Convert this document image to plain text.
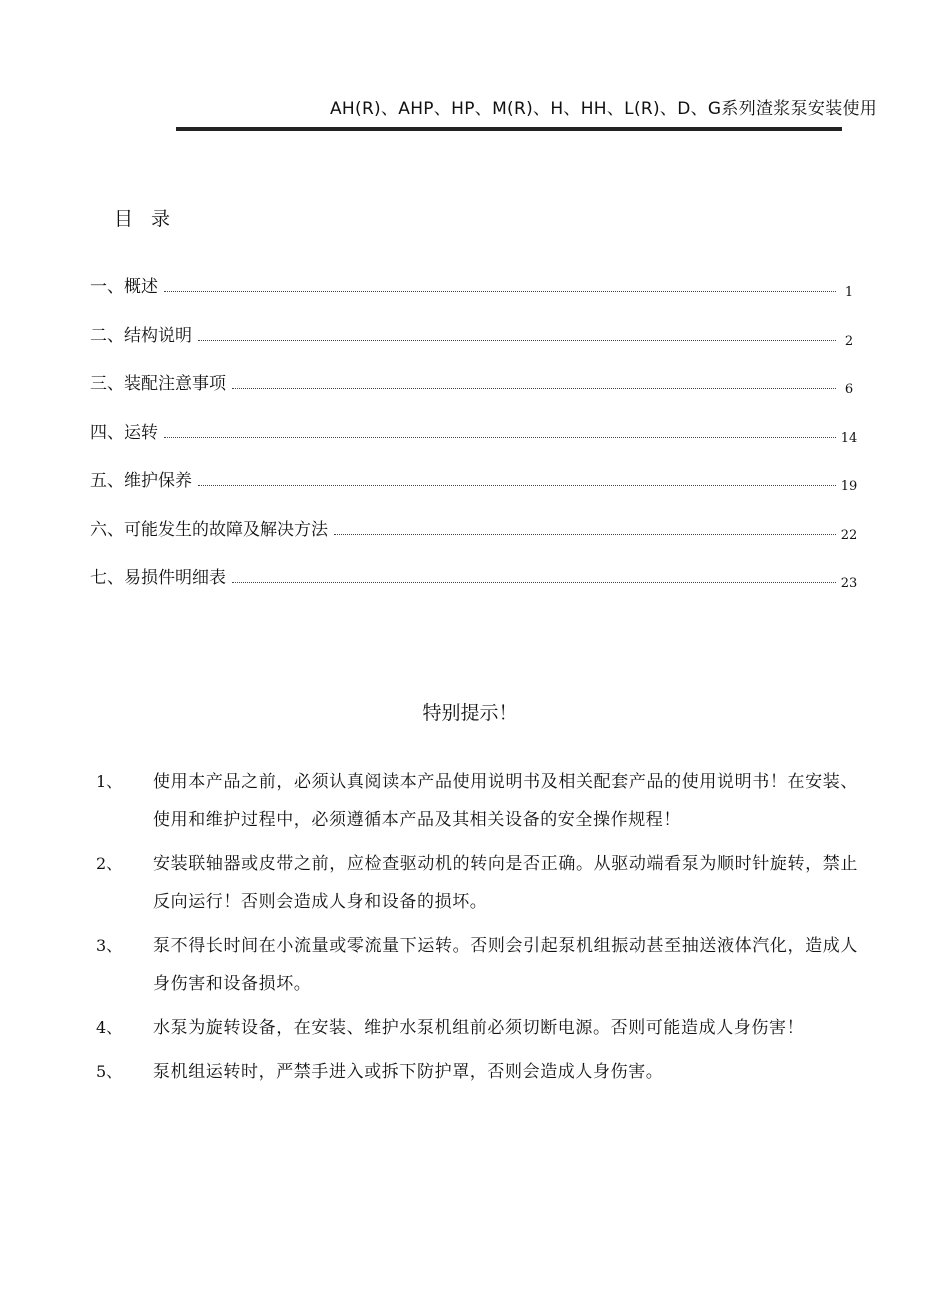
AH(R)、AHP、HP、M(R)、H、HH、L(R)、D、G系列渣浆泵安装使用
目 录
一、概述	1
二、结构说明	2
三、装配注意事项	6
四、运转	14
五、维护保养	19
六、可能发生的故障及解决方法	22
七、易损件明细表	23
特别提示！
1、 使用本产品之前，必须认真阅读本产品使用说明书及相关配套产品的使用说明书！在安装、使用和维护过程中，必须遵循本产品及其相关设备的安全操作规程！
2、 安装联轴器或皮带之前，应检查驱动机的转向是否正确。从驱动端看泵为顺时针旋转，禁止反向运行！否则会造成人身和设备的损坏。
3、 泵不得长时间在小流量或零流量下运转。否则会引起泵机组振动甚至抽送液体汽化，造成人身伤害和设备损坏。
4、 水泵为旋转设备，在安装、维护水泵机组前必须切断电源。否则可能造成人身伤害！
5、 泵机组运转时，严禁手进入或拆下防护罩，否则会造成人身伤害。
